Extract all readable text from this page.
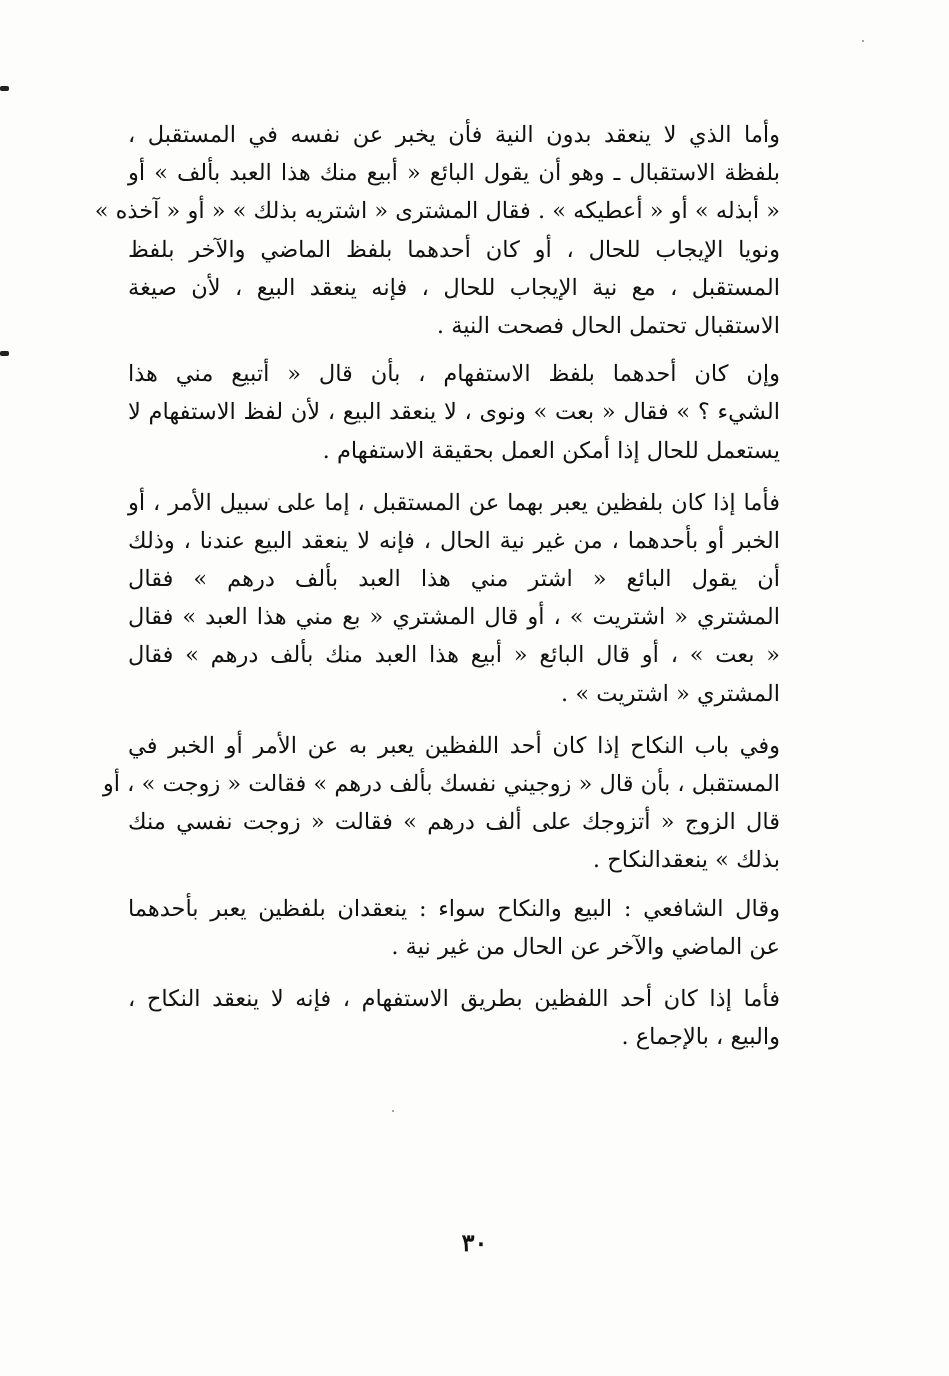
وأما الذي لا ينعقد بدون النية فأن يخبر عن نفسه في المستقبل ،
بلفظة الاستقبال ـ وهو أن يقول البائع « أبيع منك هذا العبد بألف » أو
« أبذله » أو « أعطيكه » . فقال المشترى « اشتريه بذلك » « أو « آخذه »
ونويا الإيجاب للحال ، أو كان أحدهما بلفظ الماضي والآخر بلفظ
المستقبل ، مع نية الإيجاب للحال ، فإنه ينعقد البيع ، لأن صيغة
الاستقبال تحتمل الحال فصحت النية .
وإن كان أحدهما بلفظ الاستفهام ، بأن قال « أتبيع مني هذا
الشيء ؟ » فقال « بعت » ونوى ، لا ينعقد البيع ، لأن لفظ الاستفهام لا
يستعمل للحال إذا أمكن العمل بحقيقة الاستفهام .
فأما إذا كان بلفظين يعبر بهما عن المستقبل ، إما على سبيل الأمر ، أو
الخبر أو بأحدهما ، من غير نية الحال ، فإنه لا ينعقد البيع عندنا ، وذلك
أن يقول البائع « اشتر مني هذا العبد بألف درهم » فقال
المشتري « اشتريت » ، أو قال المشتري « بع مني هذا العبد » فقال
« بعت » ، أو قال البائع « أبيع هذا العبد منك بألف درهم » فقال
المشتري « اشتريت » .
وفي باب النكاح إذا كان أحد اللفظين يعبر به عن الأمر أو الخبر في
المستقبل ، بأن قال « زوجيني نفسك بألف درهم » فقالت « زوجت » ، أو
قال الزوج « أتزوجك على ألف درهم » فقالت « زوجت نفسي منك
بذلك » ينعقدالنكاح .
وقال الشافعي : البيع والنكاح سواء : ينعقدان بلفظين يعبر بأحدهما
عن الماضي والآخر عن الحال من غير نية .
فأما إذا كان أحد اللفظين بطريق الاستفهام ، فإنه لا ينعقد النكاح ،
والبيع ، بالإجماع .
٣٠
